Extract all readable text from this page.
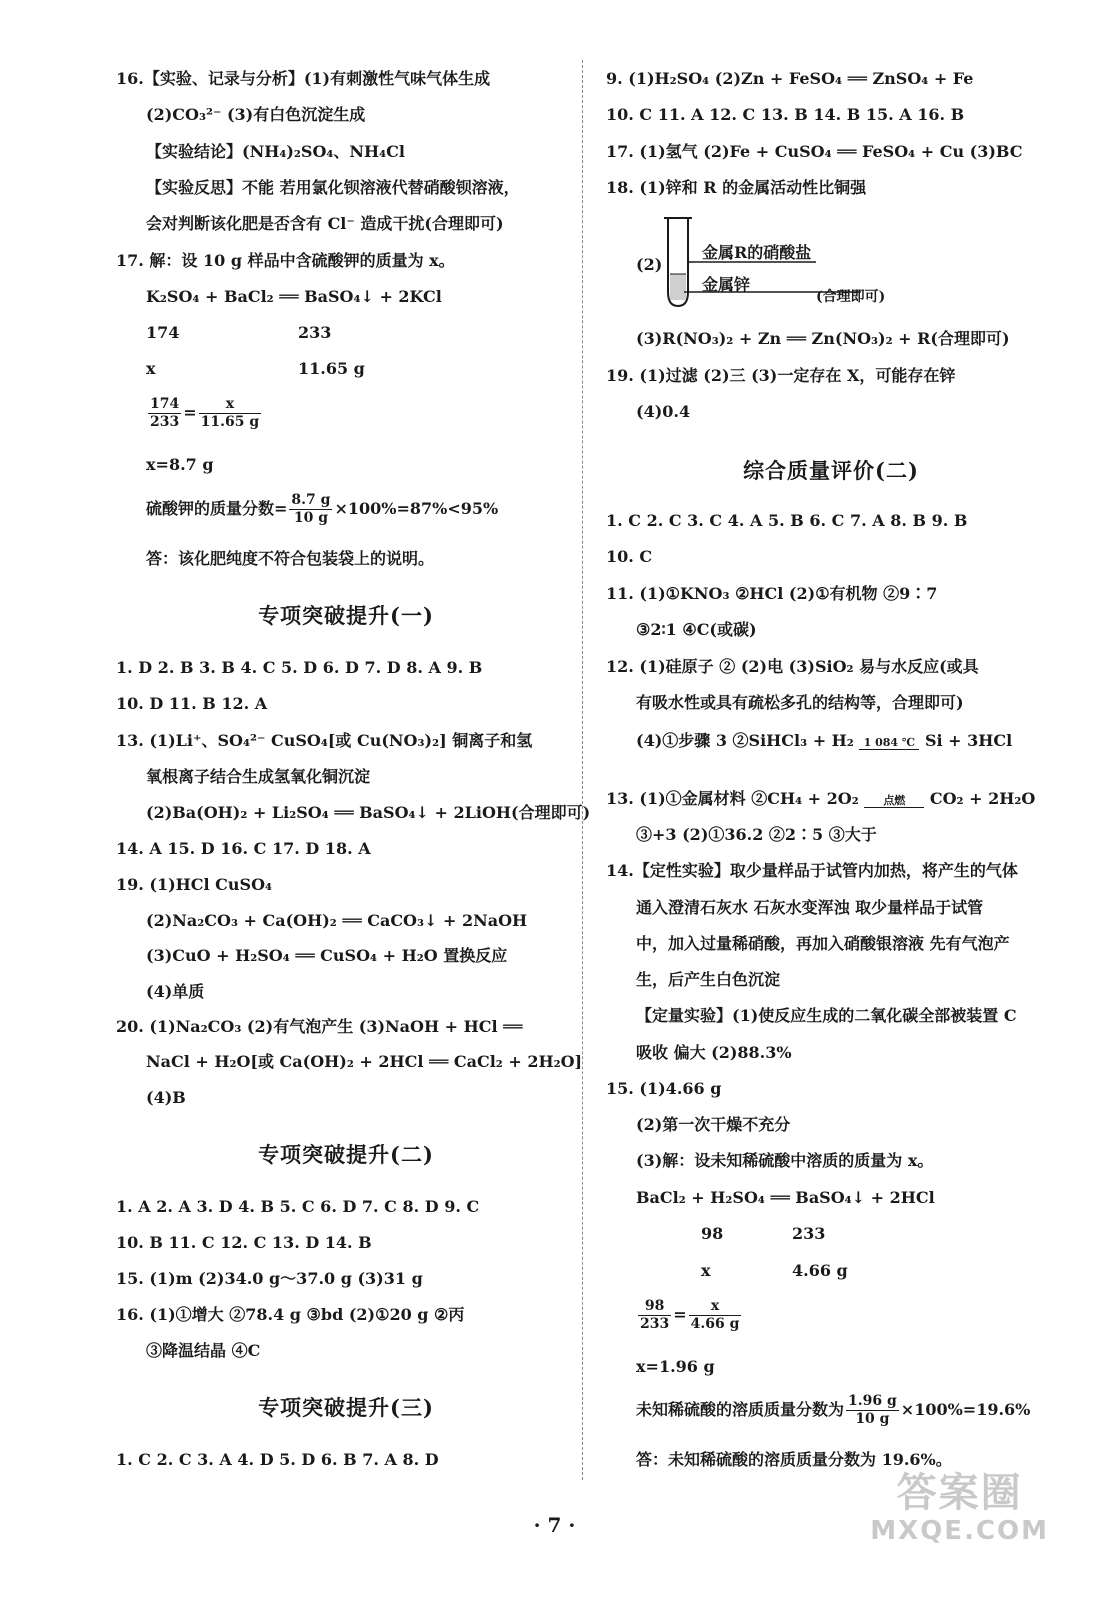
16.【实验、记录与分析】(1)有刺激性气味气体生成
(2)CO₃²⁻ (3)有白色沉淀生成
【实验结论】(NH₄)₂SO₄、NH₄Cl
【实验反思】不能 若用氯化钡溶液代替硝酸钡溶液，
会对判断该化肥是否含有 Cl⁻ 造成干扰(合理即可)
17. 解：设 10 g 样品中含硫酸钾的质量为 x。
K₂SO₄ + BaCl₂ ══ BaSO₄↓ + 2KCl
174	233
x	11.65 g
$\frac{174}{233} = \frac{x}{11.65 g}$
x=8.7 g
硫酸钾的质量分数= $\frac{8.7 g}{10 g} \times 100\%=87\%<95\%$
答：该化肥纯度不符合包装袋上的说明。
专项突破提升(一)
1. D 2. B 3. B 4. C 5. D 6. D 7. D 8. A 9. B
10. D 11. B 12. A
13. (1)Li⁺、SO₄²⁻ CuSO₄[或 Cu(NO₃)₂] 铜离子和氢
氧根离子结合生成氢氧化铜沉淀
(2)Ba(OH)₂ + Li₂SO₄ ══ BaSO₄↓ + 2LiOH(合理即可)
14. A 15. D 16. C 17. D 18. A
19. (1)HCl CuSO₄
(2)Na₂CO₃ + Ca(OH)₂ ══ CaCO₃↓ + 2NaOH
(3)CuO + H₂SO₄ ══ CuSO₄ + H₂O 置换反应
(4)单质
20. (1)Na₂CO₃ (2)有气泡产生 (3)NaOH + HCl ══
NaCl + H₂O[或 Ca(OH)₂ + 2HCl ══ CaCl₂ + 2H₂O]
(4)B
专项突破提升(二)
1. A 2. A 3. D 4. B 5. C 6. D 7. C 8. D 9. C
10. B 11. C 12. C 13. D 14. B
15. (1)m (2)34.0 g～37.0 g (3)31 g
16. (1)①增大 ②78.4 g ③bd (2)①20 g ②丙
③降温结晶 ④C
专项突破提升(三)
1. C 2. C 3. A 4. D 5. D 6. B 7. A 8. D
9. (1)H₂SO₄ (2)Zn + FeSO₄ ══ ZnSO₄ + Fe
10. C 11. A 12. C 13. B 14. B 15. A 16. B
17. (1)氢气 (2)Fe + CuSO₄ ══ FeSO₄ + Cu (3)BC
18. (1)锌和 R 的金属活动性比铜强
(2)
金属R的硝酸盐
金属锌
(合理即可)
(3)R(NO₃)₂ + Zn ══ Zn(NO₃)₂ + R(合理即可)
19. (1)过滤 (2)三 (3)一定存在 X，可能存在锌
(4)0.4
综合质量评价(二)
1. C 2. C 3. C 4. A 5. B 6. C 7. A 8. B 9. B
10. C
11. (1)①KNO₃ ②HCl (2)①有机物 ②9∶7
③2∶1 ④C(或碳)
12. (1)硅原子 ② (2)电 (3)SiO₂ 易与水反应(或具
有吸水性或具有疏松多孔的结构等，合理即可)
(4)①步骤 3 ②SiHCl₃ + H₂ 1 084 ℃ Si + 3HCl
13. (1)①金属材料 ②CH₄ + 2O₂	点燃	CO₂ + 2H₂O
③+3 (2)①36.2 ②2∶5 ③大于
14.【定性实验】取少量样品于试管内加热，将产生的气体
通入澄清石灰水 石灰水变浑浊 取少量样品于试管
中，加入过量稀硝酸，再加入硝酸银溶液 先有气泡产
生，后产生白色沉淀
【定量实验】(1)使反应生成的二氧化碳全部被装置 C
吸收 偏大 (2)88.3%
15. (1)4.66 g
(2)第一次干燥不充分
(3)解：设未知稀硫酸中溶质的质量为 x。
BaCl₂ + H₂SO₄ ══ BaSO₄↓ + 2HCl
98	233
x	4.66 g
$\frac{98}{233} = \frac{x}{4.66 g}$
x=1.96 g
未知稀硫酸的溶质质量分数为 $\frac{1.96 g}{10 g} \times 100\%=19.6\%$
答：未知稀硫酸的溶质质量分数为 19.6%。
· 7 ·
答案圈
MXQE.COM
